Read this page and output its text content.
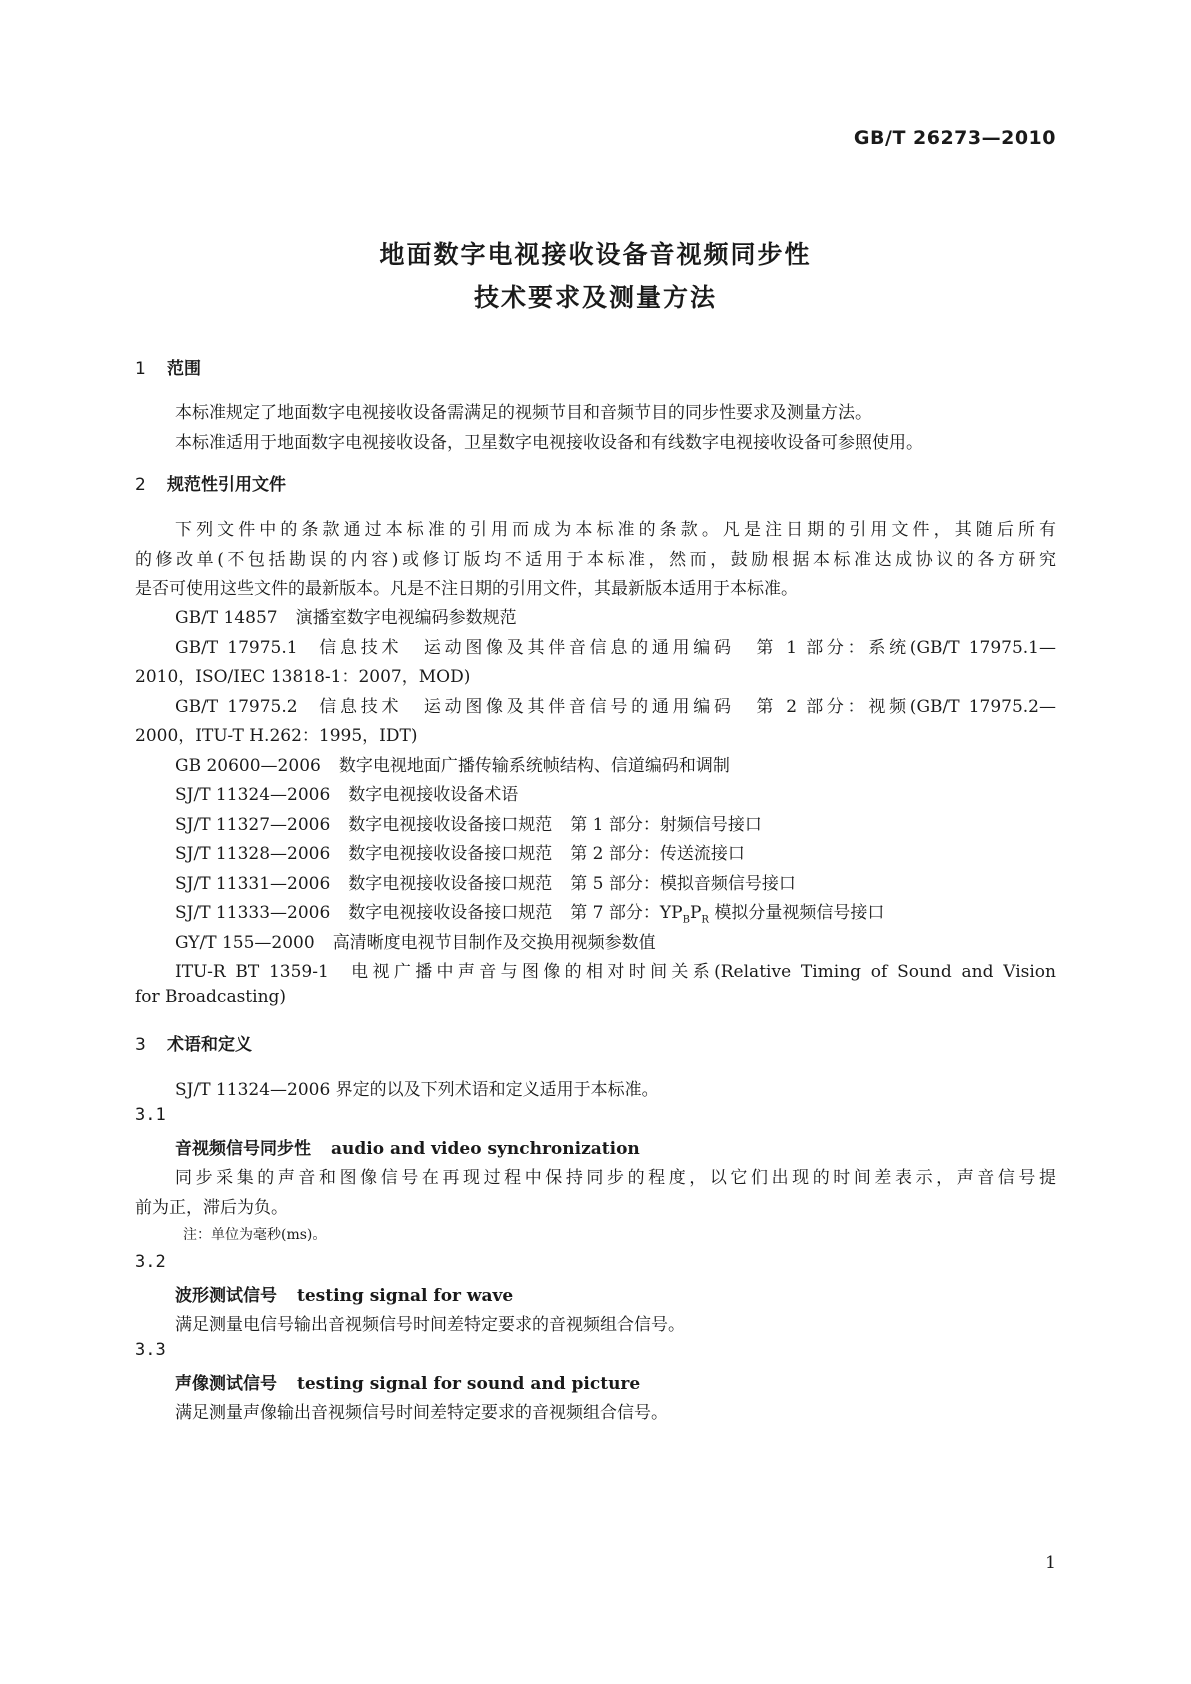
GB/T 26273—2010
地面数字电视接收设备音视频同步性
技术要求及测量方法
1 范围
本标准规定了地面数字电视接收设备需满足的视频节目和音频节目的同步性要求及测量方法。
本标准适用于地面数字电视接收设备，卫星数字电视接收设备和有线数字电视接收设备可参照使用。
2 规范性引用文件
下列文件中的条款通过本标准的引用而成为本标准的条款。凡是注日期的引用文件，其随后所有
的修改单(不包括勘误的内容)或修订版均不适用于本标准，然而，鼓励根据本标准达成协议的各方研究
是否可使用这些文件的最新版本。凡是不注日期的引用文件，其最新版本适用于本标准。
GB/T 14857 演播室数字电视编码参数规范
GB/T 17975.1 信息技术 运动图像及其伴音信息的通用编码 第 1 部分：系统(GB/T 17975.1—
2010，ISO/IEC 13818-1：2007，MOD)
GB/T 17975.2 信息技术 运动图像及其伴音信号的通用编码 第 2 部分：视频(GB/T 17975.2—
2000，ITU-T H.262：1995，IDT)
GB 20600—2006 数字电视地面广播传输系统帧结构、信道编码和调制
SJ/T 11324—2006 数字电视接收设备术语
SJ/T 11327—2006 数字电视接收设备接口规范 第 1 部分：射频信号接口
SJ/T 11328—2006 数字电视接收设备接口规范 第 2 部分：传送流接口
SJ/T 11331—2006 数字电视接收设备接口规范 第 5 部分：模拟音频信号接口
SJ/T 11333—2006 数字电视接收设备接口规范 第 7 部分：$YP_BP_R$ 模拟分量视频信号接口
GY/T 155—2000 高清晰度电视节目制作及交换用视频参数值
ITU-R BT 1359-1 电视广播中声音与图像的相对时间关系(Relative Timing of Sound and Vision
for Broadcasting)
3 术语和定义
SJ/T 11324—2006 界定的以及下列术语和定义适用于本标准。
3.1
音视频信号同步性 audio and video synchronization
同步采集的声音和图像信号在再现过程中保持同步的程度，以它们出现的时间差表示，声音信号提
前为正，滞后为负。
注：单位为毫秒(ms)。
3.2
波形测试信号 testing signal for wave
满足测量电信号输出音视频信号时间差特定要求的音视频组合信号。
3.3
声像测试信号 testing signal for sound and picture
满足测量声像输出音视频信号时间差特定要求的音视频组合信号。
1
